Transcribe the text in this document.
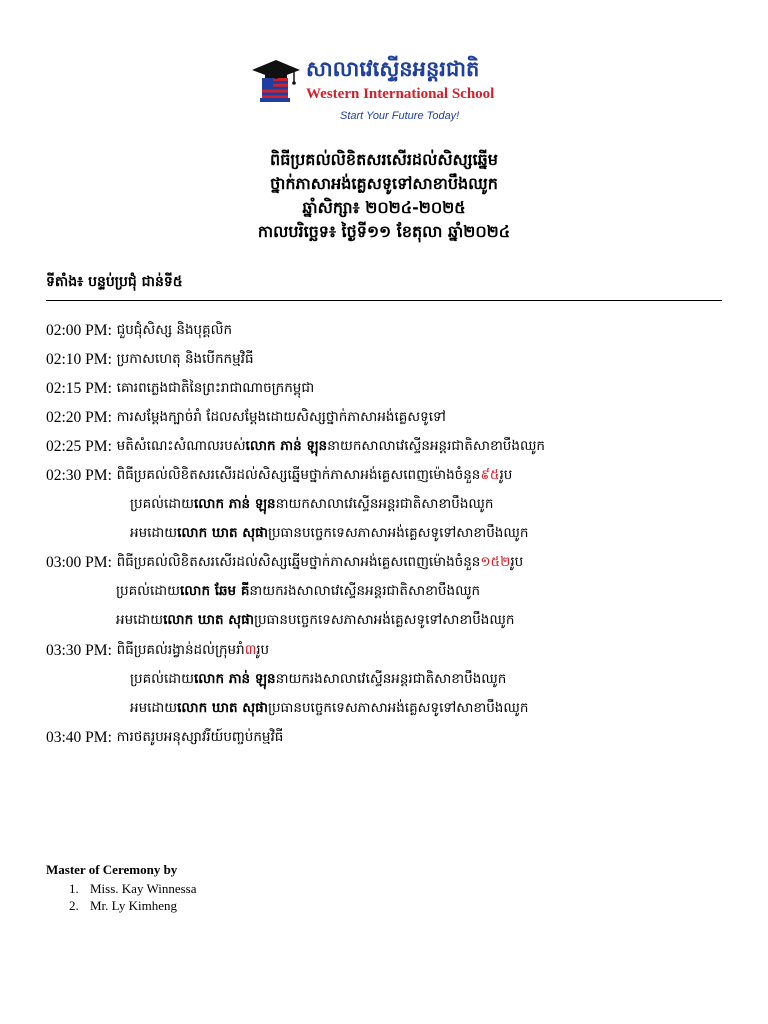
សាលាវេស្ទើនអន្តរជាតិ
Western International School
Start Your Future Today!
ពិធីប្រគល់លិខិតសរសើរដល់សិស្សឆ្នើម
ថ្នាក់ភាសាអង់គ្លេសទូទៅសាខាបឹងឈូក
ឆ្នាំសិក្សា៖ ២០២៤-២០២៥
កាលបរិច្ឆេទ៖ ថ្ងៃទី១១ ខែតុលា ឆ្នាំ២០២៤
ទីតាំង៖ បន្ទប់ប្រជុំ ជាន់ទី៥
02:00 PM:
ជួបជុំសិស្ស និងបុគ្គលិក
02:10 PM:
ប្រកាសហេតុ និងបើកកម្មវិធី
02:15 PM:
គោរពភ្លេងជាតិនៃព្រះរាជាណាចក្រកម្ពុជា
02:20 PM:
ការសម្ដែងក្បាច់រាំ ដែលសម្ដែងដោយសិស្សថ្នាក់ភាសាអង់គ្លេសទូទៅ
02:25 PM:
មតិសំណេះសំណាលរបស់ លោក ភាន់ ឡុន នាយកសាលាវេស្ទើនអន្តរជាតិសាខាបឹងឈូក
02:30 PM:
ពិធីប្រគល់លិខិតសរសើរដល់សិស្សឆ្នើមថ្នាក់ភាសាអង់គ្លេសពេញម៉ោងចំនួន ៩៥ រូប
ប្រគល់ដោយ លោក ភាន់ ឡុន នាយកសាលាវេស្ទើនអន្តរជាតិសាខាបឹងឈូក
អមដោយ លោក ឃាត សុផា ប្រធានបច្ចេកទេសភាសាអង់គ្លេសទូទៅសាខាបឹងឈូក
03:00 PM:
ពិធីប្រគល់លិខិតសរសើរដល់សិស្សឆ្នើមថ្នាក់ភាសាអង់គ្លេសពេញម៉ោងចំនួន ១៥២ រូប
ប្រគល់ដោយ លោក ឆែម គី នាយករងសាលាវេស្ទើនអន្តរជាតិសាខាបឹងឈូក
អមដោយ លោក ឃាត សុផា ប្រធានបច្ចេកទេសភាសាអង់គ្លេសទូទៅសាខាបឹងឈូក
03:30 PM:
ពិធីប្រគល់រង្វាន់ដល់ក្រុមរាំ ៣ រូប
ប្រគល់ដោយ លោក ភាន់ ឡុន នាយករងសាលាវេស្ទើនអន្តរជាតិសាខាបឹងឈូក
អមដោយ លោក ឃាត សុផា ប្រធានបច្ចេកទេសភាសាអង់គ្លេសទូទៅសាខាបឹងឈូក
03:40 PM:
ការថតរូបអនុស្សាវរីយ៍បញ្ចប់កម្មវិធី
Master of Ceremony by
1. Miss. Kay Winnessa
2. Mr. Ly Kimheng
